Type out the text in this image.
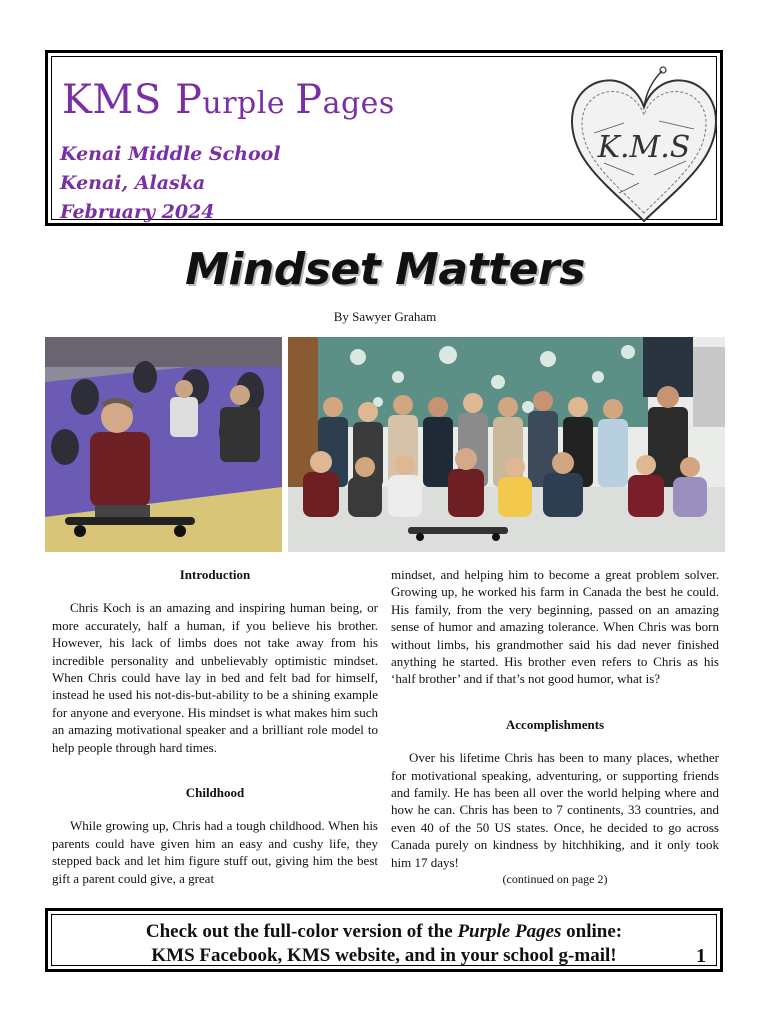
KMS Purple Pages
Kenai Middle School
Kenai, Alaska
February 2024
K.M.S
Mindset Matters
By Sawyer Graham
Introduction

Chris Koch is an amazing and inspiring human being, or more accurately, half a human, if you believe his brother. However, his lack of limbs does not take away from his incredible personality and unbelievably optimistic mindset. When Chris could have lay in bed and felt bad for himself, instead he used his not-dis-but-ability to be a shining example for anyone and everyone. His mindset is what makes him such an amazing motivational speaker and a brilliant role model to help people through hard times.

Childhood

While growing up, Chris had a tough childhood. When his parents could have given him an easy and cushy life, they stepped back and let him figure stuff out, giving him the best gift a parent could give, a great

mindset, and helping him to become a great problem solver. Growing up, he worked his farm in Canada the best he could. His family, from the very beginning, passed on an amazing sense of humor and amazing tolerance. When Chris was born without limbs, his grandmother said his dad never finished anything he started. His brother even refers to Chris as his ‘half brother’ and if that’s not good humor, what is?

Accomplishments

Over his lifetime Chris has been to many places, whether for motivational speaking, adventuring, or supporting friends and family. He has been all over the world helping where and how he can. Chris has been to 7 continents, 33 countries, and even 40 of the 50 US states. Once, he decided to go across Canada purely on kindness by hitchhiking, and it only took him 17 days!

(continued on page 2)

Check out the full-color version of the Purple Pages online:
KMS Facebook, KMS website, and in your school g-mail!	1
